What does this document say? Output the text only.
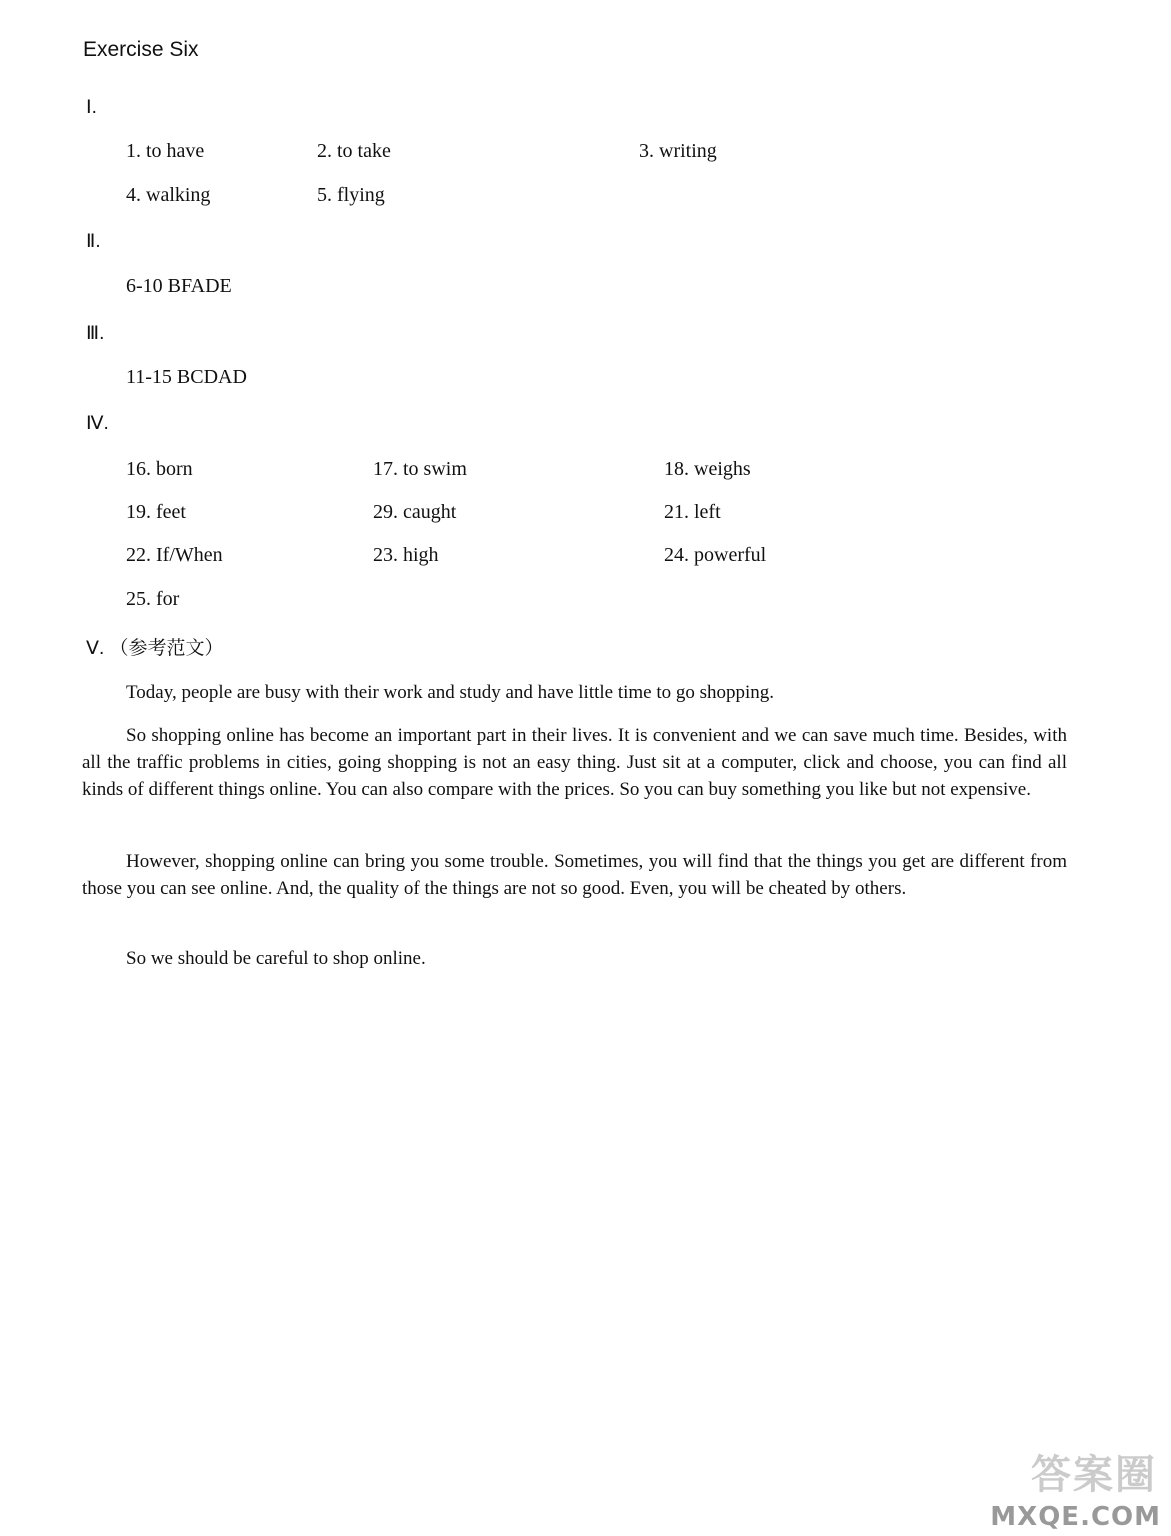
Exercise Six
Ⅰ.
1. to have	2. to take	3. writing
4. walking	5. flying
Ⅱ.
6-10 BFADE
Ⅲ.
11-15 BCDAD
Ⅳ.
16. born	17. to swim	18. weighs
19. feet	29. caught	21. left
22. If/When	23. high	24. powerful
25. for
Ⅴ. （参考范文）
Today, people are busy with their work and study and have little time to go shopping.
So shopping online has become an important part in their lives. It is convenient and we can save much time. Besides, with all the traffic problems in cities, going shopping is not an easy thing. Just sit at a computer, click and choose, you can find all kinds of different things online. You can also compare with the prices. So you can buy something you like but not expensive.
However, shopping online can bring you some trouble. Sometimes, you will find that the things you get are different from those you can see online. And, the quality of the things are not so good. Even, you will be cheated by others.
So we should be careful to shop online.
答案圈
MXQE.COM
